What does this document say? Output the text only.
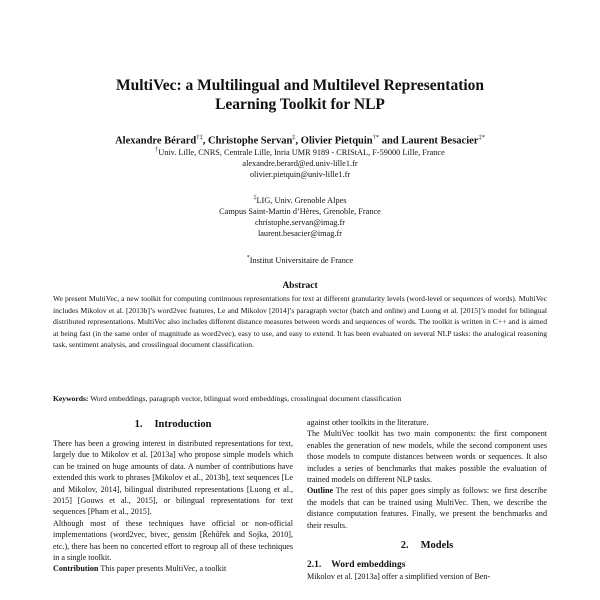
MultiVec: a Multilingual and Multilevel Representation
Learning Toolkit for NLP
Alexandre Bérard†‡, Christophe Servan‡, Olivier Pietquin†* and Laurent Besacier‡*
†Univ. Lille, CNRS, Centrale Lille, Inria UMR 9189 - CRIStAL, F-59000 Lille, France
alexandre.berard@ed.univ-lille1.fr
olivier.pietquin@univ-lille1.fr
‡LIG, Univ. Grenoble Alpes
Campus Saint-Martin d’Hères, Grenoble, France
christophe.servan@imag.fr
laurent.besacier@imag.fr
*Institut Universitaire de France
Abstract
We present MultiVec, a new toolkit for computing continuous representations for text at different granularity levels (word-level or sequences of words). MultiVec includes Mikolov et al. [2013b]’s word2vec features, Le and Mikolov [2014]’s paragraph vector (batch and online) and Luong et al. [2015]’s model for bilingual distributed representations. MultiVec also includes different distance measures between words and sequences of words. The toolkit is written in C++ and is aimed at being fast (in the same order of magnitude as word2vec), easy to use, and easy to extend. It has been evaluated on several NLP tasks: the analogical reasoning task, sentiment analysis, and crosslingual document classification.
Keywords: Word embeddings, paragraph vector, bilingual word embeddings, crosslingual document classification
1. Introduction

There has been a growing interest in distributed representations for text, largely due to Mikolov et al. [2013a] who propose simple models which can be trained on huge amounts of data. A number of contributions have extended this work to phrases [Mikolov et al., 2013b], text sequences [Le and Mikolov, 2014], bilingual distributed representations [Luong et al., 2015] [Gouws et al., 2015], or bilingual representations for text sequences [Pham et al., 2015].

Although most of these techniques have official or non-official implementations (word2vec, bivec, gensim [Řehůřek and Sojka, 2010], etc.), there has been no concerted effort to regroup all of these techniques in a single toolkit.

Contribution This paper presents MultiVec, a toolkit

against other toolkits in the literature.

The MultiVec toolkit has two main components: the first component enables the generation of new models, while the second component uses those models to compute distances between words or sequences. It also includes a series of benchmarks that makes possible the evaluation of trained models on different NLP tasks.

Outline The rest of this paper goes simply as follows: we first describe the models that can be trained using MultiVec. Then, we describe the distance computation features. Finally, we present the benchmarks and their results.

2. Models
2.1. Word embeddings

Mikolov et al. [2013a] offer a simplified version of Ben-
